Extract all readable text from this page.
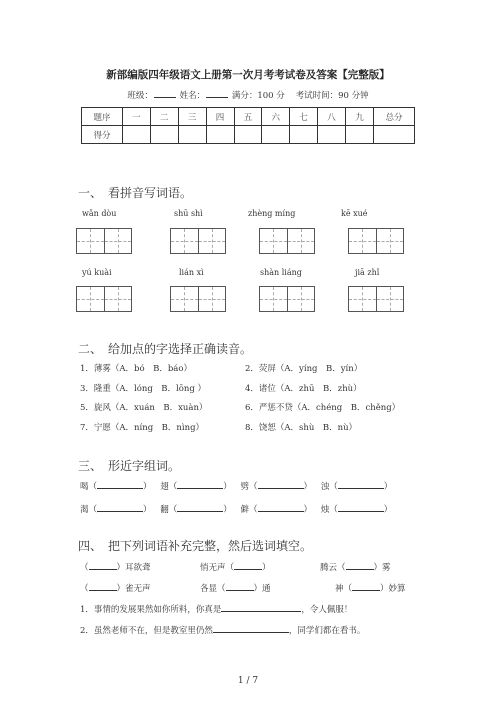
新部编版四年级语文上册第一次月考考试卷及答案【完整版】
班级：	姓名：	满分：100 分 考试时间：90 分钟
题序	一	二	三	四	五	六	七	八	九	总分
得分										
一、　看拼音写词语。
wǎn dòu	shū shì	zhèng míng	kē xué
yú kuài	lián xì	shàn liáng	jiā zhǐ
二、　给加点的字选择正确读音。
1．薄雾（A．bó　B．báo）	2．荧屏（A．yíng　B．yín）
3．隆重（A．lóng　B．lōng ）	4．诸位（A．zhū　B．zhù）
5．旋风（A．xuán　B．xuàn）	6．严惩不贷（A．chéng　B．chěng）
7．宁愿（A．níng　B．nìng）	8．饶恕（A．shù　B．nù）
三、　形近字组词。
喝（	） 翅（	） 劈（	） 浊（	）
渴（	） 翻（	） 僻（	） 烛（	）
四、　把下列词语补充完整，然后选词填空。
（	）耳欲聋	悄无声（	）	腾云（	）雾
（	）雀无声	各显（	）通	神（	）妙算
1．事情的发展果然如你所料，你真是	，令人佩服！
2．虽然老师不在，但是教室里仍然	，同学们都在看书。
1 / 7
